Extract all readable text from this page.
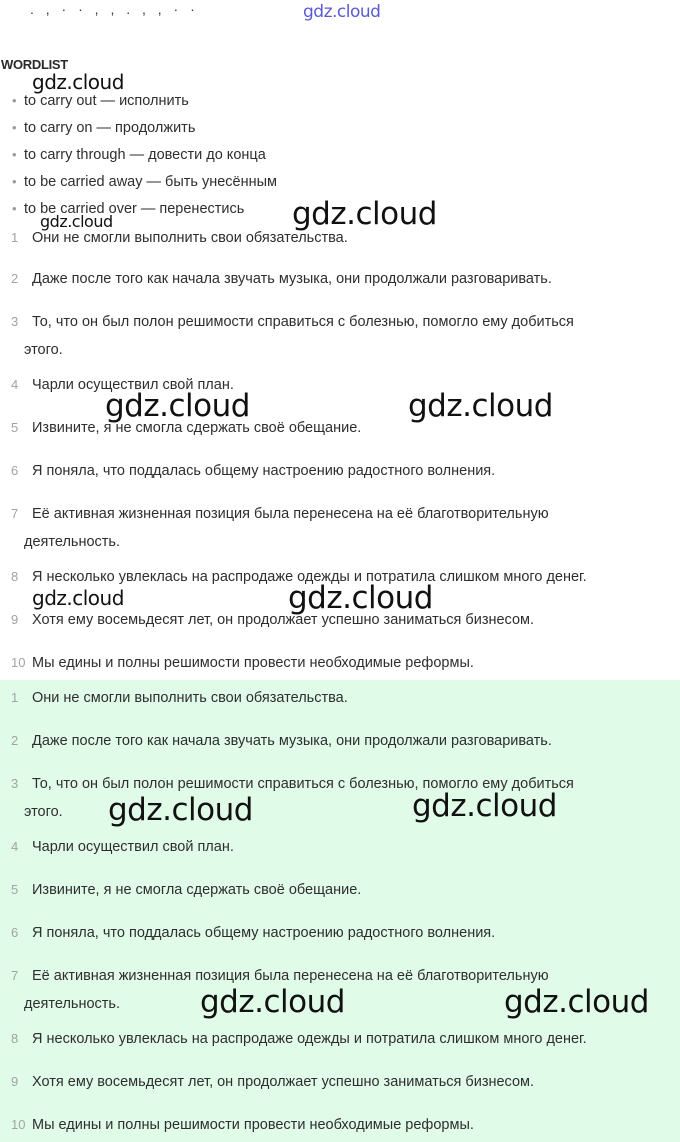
. , · · , , . , , · ·	gdz.cloud
WORDLIST
• to carry out — исполнить
• to carry on — продолжить
• to carry through — довести до конца
• to be carried away — быть унесённым
• to be carried over — перенестись
1 Они не смогли выполнить свои обязательства.
2 Даже после того как начала звучать музыка, они продолжали разговаривать.
3 То, что он был полон решимости справиться с болезнью, помогло ему добиться
этого.
4 Чарли осуществил свой план.
5 Извините, я не смогла сдержать своё обещание.
6 Я поняла, что поддалась общему настроению радостного волнения.
7 Её активная жизненная позиция была перенесена на её благотворительную
деятельность.
8 Я несколько увлеклась на распродаже одежды и потратила слишком много денег.
9 Хотя ему восемьдесят лет, он продолжает успешно заниматься бизнесом.
10 Мы едины и полны решимости провести необходимые реформы.
1 Они не смогли выполнить свои обязательства.
2 Даже после того как начала звучать музыка, они продолжали разговаривать.
3 То, что он был полон решимости справиться с болезнью, помогло ему добиться
этого.
4 Чарли осуществил свой план.
5 Извините, я не смогла сдержать своё обещание.
6 Я поняла, что поддалась общему настроению радостного волнения.
7 Её активная жизненная позиция была перенесена на её благотворительную
деятельность.
8 Я несколько увлеклась на распродаже одежды и потратила слишком много денег.
9 Хотя ему восемьдесят лет, он продолжает успешно заниматься бизнесом.
10 Мы едины и полны решимости провести необходимые реформы.
gdz.cloud
gdz.cloud	gdz.cloud
gdz.cloud	gdz.cloud
gdz.cloud	gdz.cloud
gdz.cloud	gdz.cloud
gdz.cloud	gdz.cloud
